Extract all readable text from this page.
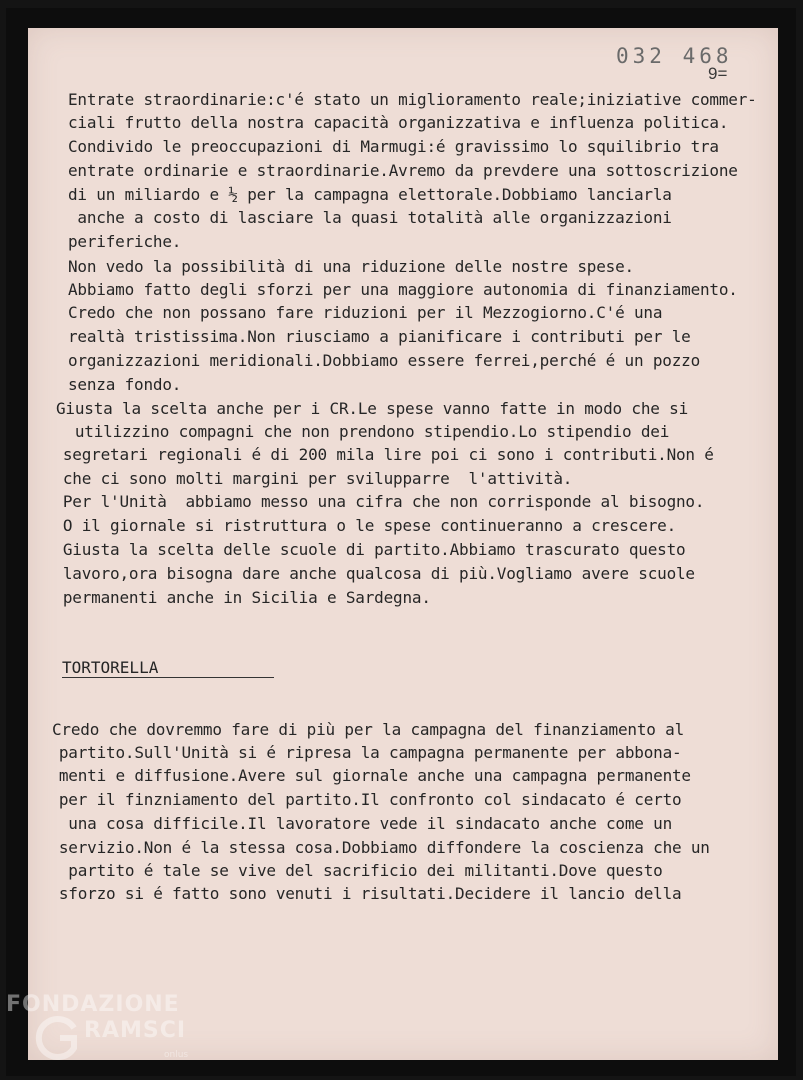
032 468
9=
Entrate straordinarie:c'é stato un miglioramento reale;iniziative commer-
ciali frutto della nostra capacità organizzativa e influenza politica.
Condivido le preoccupazioni di Marmugi:é gravissimo lo squilibrio tra
entrate ordinarie e straordinarie.Avremo da prevdere una sottoscrizione
di un miliardo e ½ per la campagna elettorale.Dobbiamo lanciarla
anche a costo di lasciare la quasi totalità alle organizzazioni
periferiche.
Non vedo la possibilità di una riduzione delle nostre spese.
Abbiamo fatto degli sforzi per una maggiore autonomia di finanziamento.
Credo che non possano fare riduzioni per il Mezzogiorno.C'é una
realtà tristissima.Non riusciamo a pianificare i contributi per le
organizzazioni meridionali.Dobbiamo essere ferrei,perché é un pozzo
senza fondo.
Giusta la scelta anche per i CR.Le spese vanno fatte in modo che si
utilizzino compagni che non prendono stipendio.Lo stipendio dei
segretari regionali é di 200 mila lire poi ci sono i contributi.Non é
che ci sono molti margini per svilupparre  l'attività.
Per l'Unità  abbiamo messo una cifra che non corrisponde al bisogno.
O il giornale si ristruttura o le spese continueranno a crescere.
Giusta la scelta delle scuole di partito.Abbiamo trascurato questo
lavoro,ora bisogna dare anche qualcosa di più.Vogliamo avere scuole
permanenti anche in Sicilia e Sardegna.
TORTORELLA
Credo che dovremmo fare di più per la campagna del finanziamento al
partito.Sull'Unità si é ripresa la campagna permanente per abbona-
menti e diffusione.Avere sul giornale anche una campagna permanente
per il finzniamento del partito.Il confronto col sindacato é certo
una cosa difficile.Il lavoratore vede il sindacato anche come un
servizio.Non é la stessa cosa.Dobbiamo diffondere la coscienza che un
partito é tale se vive del sacrificio dei militanti.Dove questo
sforzo si é fatto sono venuti i risultati.Decidere il lancio della
FONDAZIONE
RAMSCI
onlus
